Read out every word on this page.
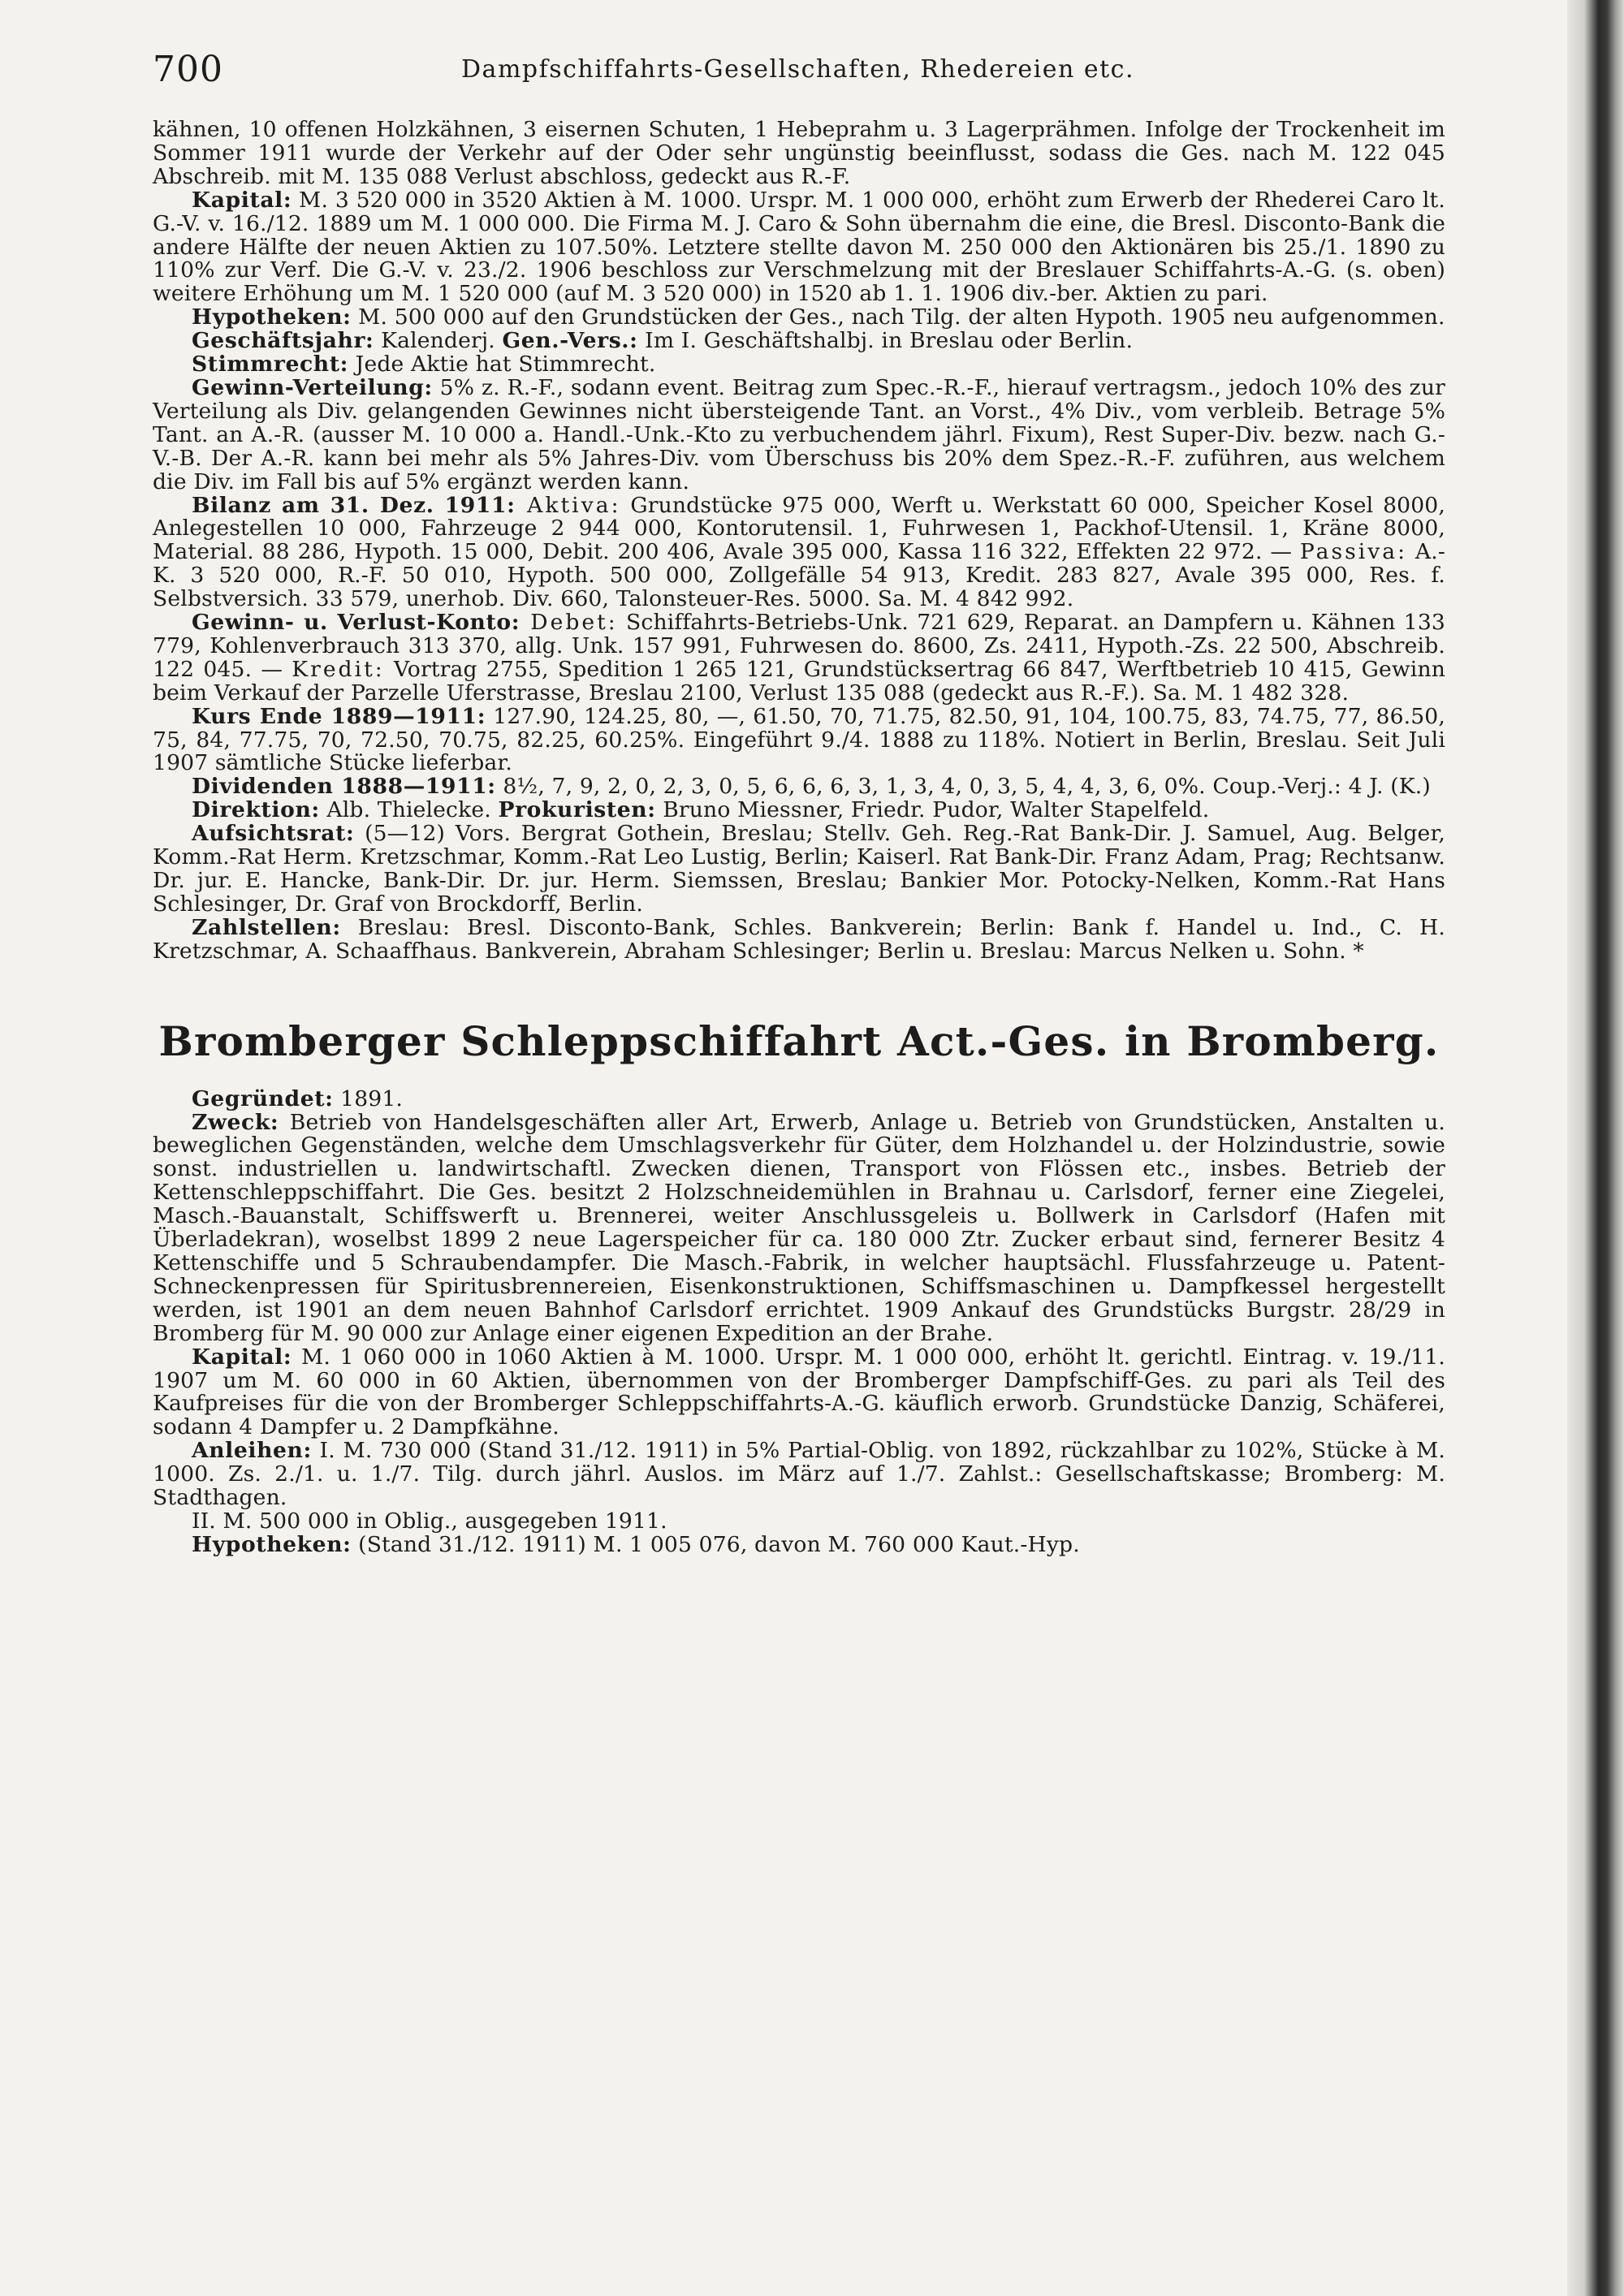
700	Dampfschiffahrts-Gesellschaften, Rhedereien etc.

kähnen, 10 offenen Holzkähnen, 3 eisernen Schuten, 1 Hebeprahm u. 3 Lagerprähmen. Infolge der Trockenheit im Sommer 1911 wurde der Verkehr auf der Oder sehr ungünstig beeinflusst, sodass die Ges. nach M. 122 045 Abschreib. mit M. 135 088 Verlust abschloss, gedeckt aus R.-F.

Kapital: M. 3 520 000 in 3520 Aktien à M. 1000. Urspr. M. 1 000 000, erhöht zum Erwerb der Rhederei Caro lt. G.-V. v. 16./12. 1889 um M. 1 000 000. Die Firma M. J. Caro & Sohn übernahm die eine, die Bresl. Disconto-Bank die andere Hälfte der neuen Aktien zu 107.50%. Letztere stellte davon M. 250 000 den Aktionären bis 25./1. 1890 zu 110% zur Verf. Die G.-V. v. 23./2. 1906 beschloss zur Verschmelzung mit der Breslauer Schiffahrts-A.-G. (s. oben) weitere Erhöhung um M. 1 520 000 (auf M. 3 520 000) in 1520 ab 1. 1. 1906 div.-ber. Aktien zu pari.

Hypotheken: M. 500 000 auf den Grundstücken der Ges., nach Tilg. der alten Hypoth. 1905 neu aufgenommen.

Geschäftsjahr: Kalenderj. Gen.-Vers.: Im I. Geschäftshalbj. in Breslau oder Berlin.

Stimmrecht: Jede Aktie hat Stimmrecht.

Gewinn-Verteilung: 5% z. R.-F., sodann event. Beitrag zum Spec.-R.-F., hierauf vertragsm., jedoch 10% des zur Verteilung als Div. gelangenden Gewinnes nicht übersteigende Tant. an Vorst., 4% Div., vom verbleib. Betrage 5% Tant. an A.-R. (ausser M. 10 000 a. Handl.-Unk.-Kto zu verbuchendem jährl. Fixum), Rest Super-Div. bezw. nach G.-V.-B. Der A.-R. kann bei mehr als 5% Jahres-Div. vom Überschuss bis 20% dem Spez.-R.-F. zuführen, aus welchem die Div. im Fall bis auf 5% ergänzt werden kann.

Bilanz am 31. Dez. 1911: Aktiva: Grundstücke 975 000, Werft u. Werkstatt 60 000, Speicher Kosel 8000, Anlegestellen 10 000, Fahrzeuge 2 944 000, Kontorutensil. 1, Fuhrwesen 1, Packhof-Utensil. 1, Kräne 8000, Material. 88 286, Hypoth. 15 000, Debit. 200 406, Avale 395 000, Kassa 116 322, Effekten 22 972. — Passiva: A.-K. 3 520 000, R.-F. 50 010, Hypoth. 500 000, Zollgefälle 54 913, Kredit. 283 827, Avale 395 000, Res. f. Selbstversich. 33 579, unerhob. Div. 660, Talonsteuer-Res. 5000. Sa. M. 4 842 992.

Gewinn- u. Verlust-Konto: Debet: Schiffahrts-Betriebs-Unk. 721 629, Reparat. an Dampfern u. Kähnen 133 779, Kohlenverbrauch 313 370, allg. Unk. 157 991, Fuhrwesen do. 8600, Zs. 2411, Hypoth.-Zs. 22 500, Abschreib. 122 045. — Kredit: Vortrag 2755, Spedition 1 265 121, Grundstücksertrag 66 847, Werftbetrieb 10 415, Gewinn beim Verkauf der Parzelle Uferstrasse, Breslau 2100, Verlust 135 088 (gedeckt aus R.-F.). Sa. M. 1 482 328.

Kurs Ende 1889—1911: 127.90, 124.25, 80, —, 61.50, 70, 71.75, 82.50, 91, 104, 100.75, 83, 74.75, 77, 86.50, 75, 84, 77.75, 70, 72.50, 70.75, 82.25, 60.25%. Eingeführt 9./4. 1888 zu 118%. Notiert in Berlin, Breslau. Seit Juli 1907 sämtliche Stücke lieferbar.

Dividenden 1888—1911: 8½, 7, 9, 2, 0, 2, 3, 0, 5, 6, 6, 6, 3, 1, 3, 4, 0, 3, 5, 4, 4, 3, 6, 0%. Coup.-Verj.: 4 J. (K.)

Direktion: Alb. Thielecke. Prokuristen: Bruno Miessner, Friedr. Pudor, Walter Stapelfeld.

Aufsichtsrat: (5—12) Vors. Bergrat Gothein, Breslau; Stellv. Geh. Reg.-Rat Bank-Dir. J. Samuel, Aug. Belger, Komm.-Rat Herm. Kretzschmar, Komm.-Rat Leo Lustig, Berlin; Kaiserl. Rat Bank-Dir. Franz Adam, Prag; Rechtsanw. Dr. jur. E. Hancke, Bank-Dir. Dr. jur. Herm. Siemssen, Breslau; Bankier Mor. Potocky-Nelken, Komm.-Rat Hans Schlesinger, Dr. Graf von Brockdorff, Berlin.

Zahlstellen: Breslau: Bresl. Disconto-Bank, Schles. Bankverein; Berlin: Bank f. Handel u. Ind., C. H. Kretzschmar, A. Schaaffhaus. Bankverein, Abraham Schlesinger; Berlin u. Breslau: Marcus Nelken u. Sohn. *

Bromberger Schleppschiffahrt Act.-Ges. in Bromberg.

Gegründet: 1891.

Zweck: Betrieb von Handelsgeschäften aller Art, Erwerb, Anlage u. Betrieb von Grundstücken, Anstalten u. beweglichen Gegenständen, welche dem Umschlagsverkehr für Güter, dem Holzhandel u. der Holzindustrie, sowie sonst. industriellen u. landwirtschaftl. Zwecken dienen, Transport von Flössen etc., insbes. Betrieb der Kettenschleppschiffahrt. Die Ges. besitzt 2 Holzschneidemühlen in Brahnau u. Carlsdorf, ferner eine Ziegelei, Masch.-Bauanstalt, Schiffswerft u. Brennerei, weiter Anschlussgeleis u. Bollwerk in Carlsdorf (Hafen mit Überladekran), woselbst 1899 2 neue Lagerspeicher für ca. 180 000 Ztr. Zucker erbaut sind, fernerer Besitz 4 Kettenschiffe und 5 Schraubendampfer. Die Masch.-Fabrik, in welcher hauptsächl. Flussfahrzeuge u. Patent-Schneckenpressen für Spiritusbrennereien, Eisenkonstruktionen, Schiffsmaschinen u. Dampfkessel hergestellt werden, ist 1901 an dem neuen Bahnhof Carlsdorf errichtet. 1909 Ankauf des Grundstücks Burgstr. 28/29 in Bromberg für M. 90 000 zur Anlage einer eigenen Expedition an der Brahe.

Kapital: M. 1 060 000 in 1060 Aktien à M. 1000. Urspr. M. 1 000 000, erhöht lt. gerichtl. Eintrag. v. 19./11. 1907 um M. 60 000 in 60 Aktien, übernommen von der Bromberger Dampfschiff-Ges. zu pari als Teil des Kaufpreises für die von der Bromberger Schleppschiffahrts-A.-G. käuflich erworb. Grundstücke Danzig, Schäferei, sodann 4 Dampfer u. 2 Dampfkähne.

Anleihen: I. M. 730 000 (Stand 31./12. 1911) in 5% Partial-Oblig. von 1892, rückzahlbar zu 102%, Stücke à M. 1000. Zs. 2./1. u. 1./7. Tilg. durch jährl. Auslos. im März auf 1./7. Zahlst.: Gesellschaftskasse; Bromberg: M. Stadthagen.

II. M. 500 000 in Oblig., ausgegeben 1911.

Hypotheken: (Stand 31./12. 1911) M. 1 005 076, davon M. 760 000 Kaut.-Hyp.
